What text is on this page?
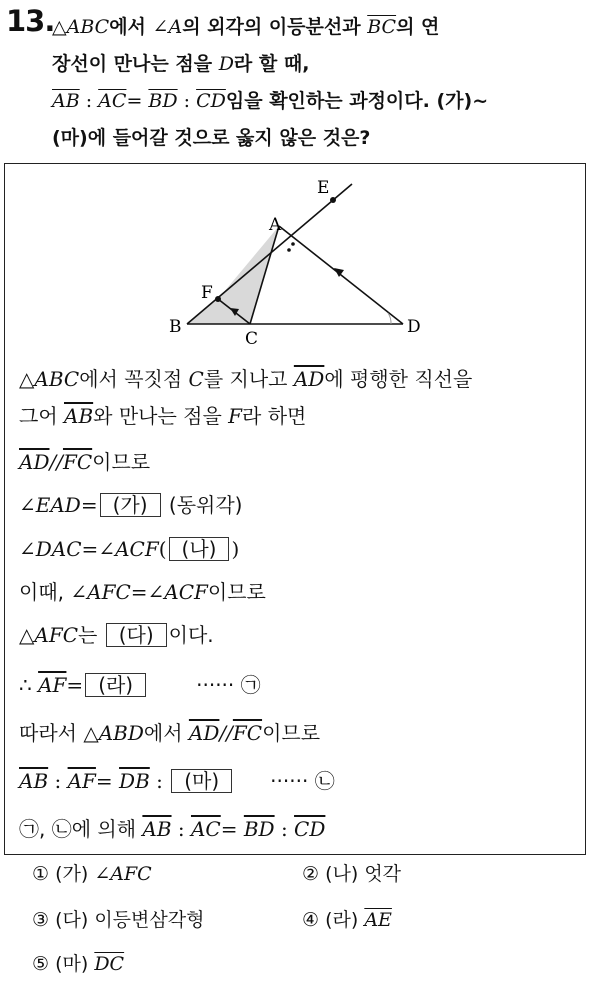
13.
△ABC에서 ∠A의 외각의 이등분선과 $\overline{BC}$의 연
장선이 만나는 점을 D라 할 때,
$\overline{AB}$ : $\overline{AC}= \overline{BD}$ : $\overline{CD}$임을 확인하는 과정이다. (가)~
(마)에 들어갈 것으로 옳지 않은 것은?
E
A
F
B
C
D
△ABC에서 꼭짓점 C를 지나고 $\overline{AD}$에 평행한 직선을
그어 $\overline{AB}$와 만나는 점을 F라 하면
$\overline{AD}//\overline{FC}$이므로
∠EAD= (가) (동위각)
∠DAC=∠ACF( (나) )
이때, ∠AFC=∠ACF이므로
△AFC는 (다) 이다.
∴ $\overline{AF}=$ (라)	······ ㉠
따라서 △ABD에서 $\overline{AD}//\overline{FC}$이므로
$\overline{AB}$ : $\overline{AF}= \overline{DB}$ : (마)	······ ㉡
㉠, ㉡에 의해 $\overline{AB}$ : $\overline{AC}= \overline{BD}$ : $\overline{CD}$
① (가) ∠AFC	② (나) 엇각
③ (다) 이등변삼각형	④ (라) $\overline{AE}$
⑤ (마) $\overline{DC}$
